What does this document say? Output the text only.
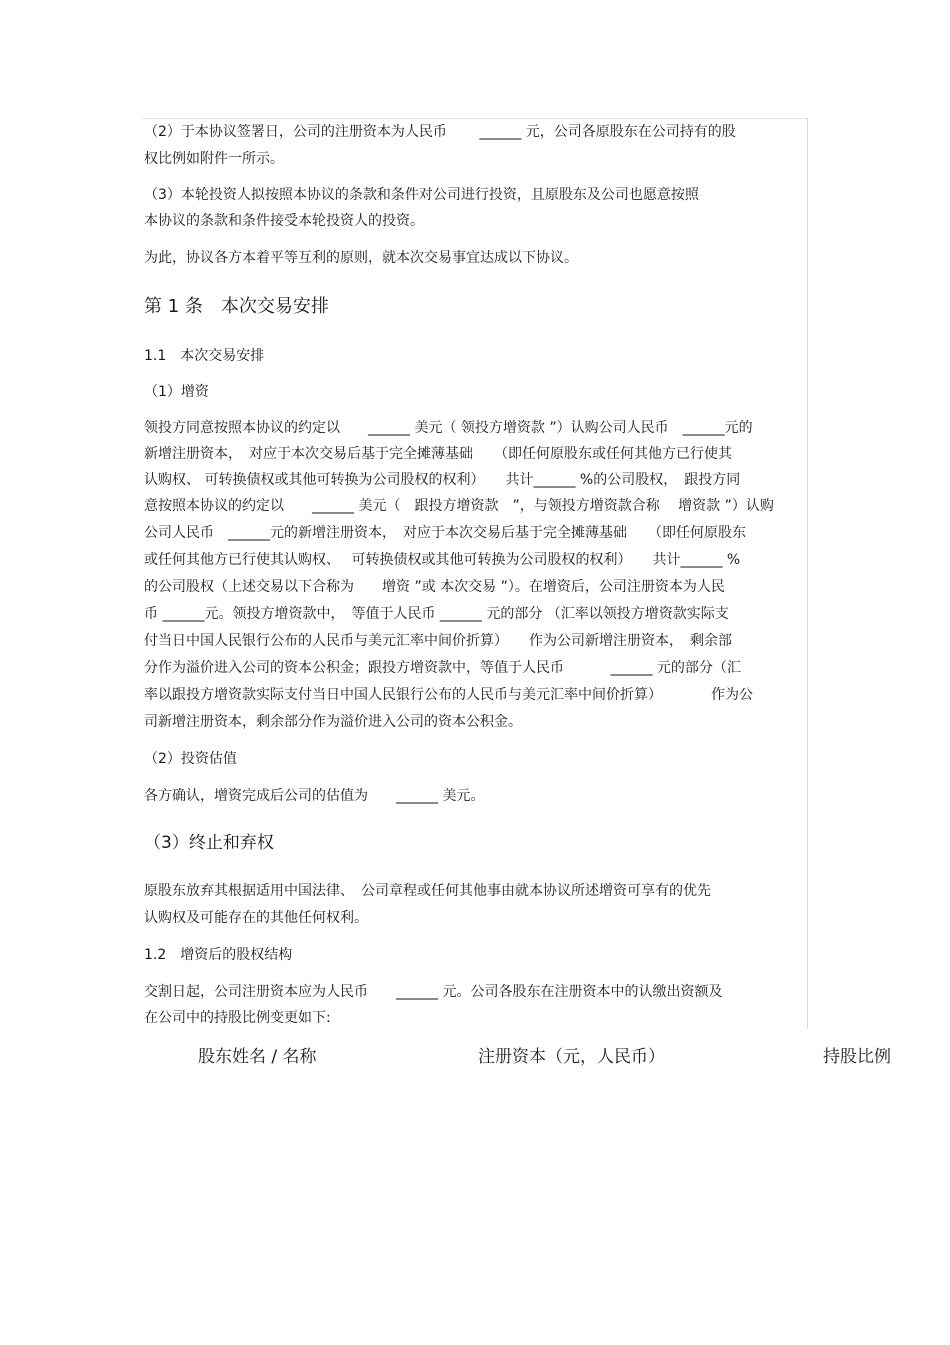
（2）于本协议签署日，公司的注册资本为人民币　　 ______ 元，公司各原股东在公司持有的股
权比例如附件一所示。
（3）本轮投资人拟按照本协议的条款和条件对公司进行投资，且原股东及公司也愿意按照
本协议的条款和条件接受本轮投资人的投资。
为此，协议各方本着平等互利的原则，就本次交易事宜达成以下协议。
第 1 条　本次交易安排
1.1　本次交易安排
（1）增资
领投方同意按照本协议的约定以　　______ 美元（ 领投方增资款 ”）认购公司人民币　______元的
新增注册资本，　对应于本次交易后基于完全摊薄基础　　（即任何原股东或任何其他方已行使其
认购权、 可转换债权或其他可转换为公司股权的权利）　　共计______ %的公司股权，　跟投方同
意按照本协议的约定以　　______ 美元（　跟投方增资款　”，与领投方增资款合称　 增资款 ”）认购
公司人民币　______元的新增注册资本，　对应于本次交易后基于完全摊薄基础　　（即任何原股东
或任何其他方已行使其认购权、　 可转换债权或其他可转换为公司股权的权利）　　共计______ %
的公司股权（上述交易以下合称为　　增资 ”或 本次交易 ”）。在增资后，公司注册资本为人民
币 ______元。领投方增资款中，　等值于人民币 ______ 元的部分 （汇率以领投方增资款实际支
付当日中国人民银行公布的人民币与美元汇率中间价折算）　　作为公司新增注册资本，　剩余部
分作为溢价进入公司的资本公积金；跟投方增资款中，等值于人民币　　　 ______ 元的部分（汇
率以跟投方增资款实际支付当日中国人民银行公布的人民币与美元汇率中间价折算）　　　　作为公
司新增注册资本，剩余部分作为溢价进入公司的资本公积金。
（2）投资估值
各方确认，增资完成后公司的估值为　　______ 美元。
（3）终止和弃权
原股东放弃其根据适用中国法律、　公司章程或任何其他事由就本协议所述增资可享有的优先
认购权及可能存在的其他任何权利。
1.2　增资后的股权结构
交割日起，公司注册资本应为人民币　　______ 元。公司各股东在注册资本中的认缴出资额及
在公司中的持股比例变更如下:
股东姓名 / 名称	注册资本（元，人民币）	持股比例
